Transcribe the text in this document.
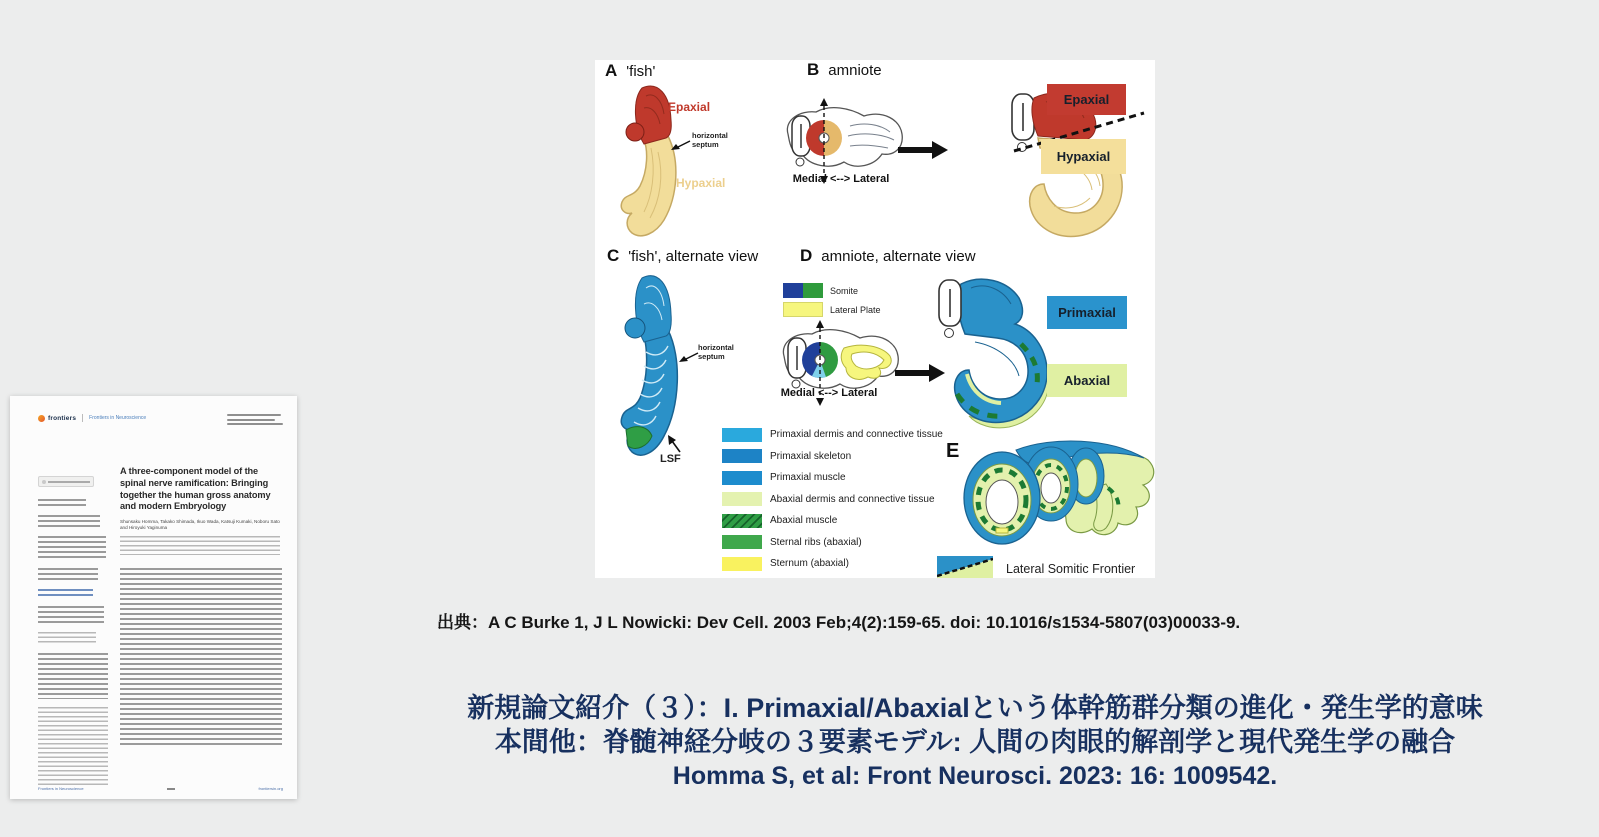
frontiers	Frontiers in Neuroscience
A three-component model of the spinal nerve ramification: Bringing together the human gross anatomy and modern Embryology
Shunsaku Homma, Takako Shimada, Ikuo Wada, Katsuji Kumaki, Noboru Sato and Hiroyuki Yaginuma
Frontiers in Neuroscience	frontiersin.org
A 'fish'	B amniote
C 'fish', alternate view D amniote, alternate view
Epaxial
Hypaxial
horizontal septum
Medial <--> Lateral
Epaxial
Hypaxial
horizontal septum
LSF
Somite
Lateral Plate
Medial <--> Lateral
Primaxial
Abaxial
Primaxial dermis and connective tissue
Primaxial skeleton
Primaxial muscle
Abaxial dermis and connective tissue
Abaxial muscle
Sternal ribs (abaxial)
Sternum (abaxial)
E
Lateral Somitic Frontier
出典：A C Burke 1, J L Nowicki: Dev Cell. 2003 Feb;4(2):159-65. doi: 10.1016/s1534-5807(03)00033-9.
新規論文紹介（３）：I. Primaxial/Abaxialという体幹筋群分類の進化・発生学的意味
本間他：脊髄神経分岐の３要素モデル: 人間の肉眼的解剖学と現代発生学の融合
Homma S, et al: Front Neurosci. 2023: 16: 1009542.
